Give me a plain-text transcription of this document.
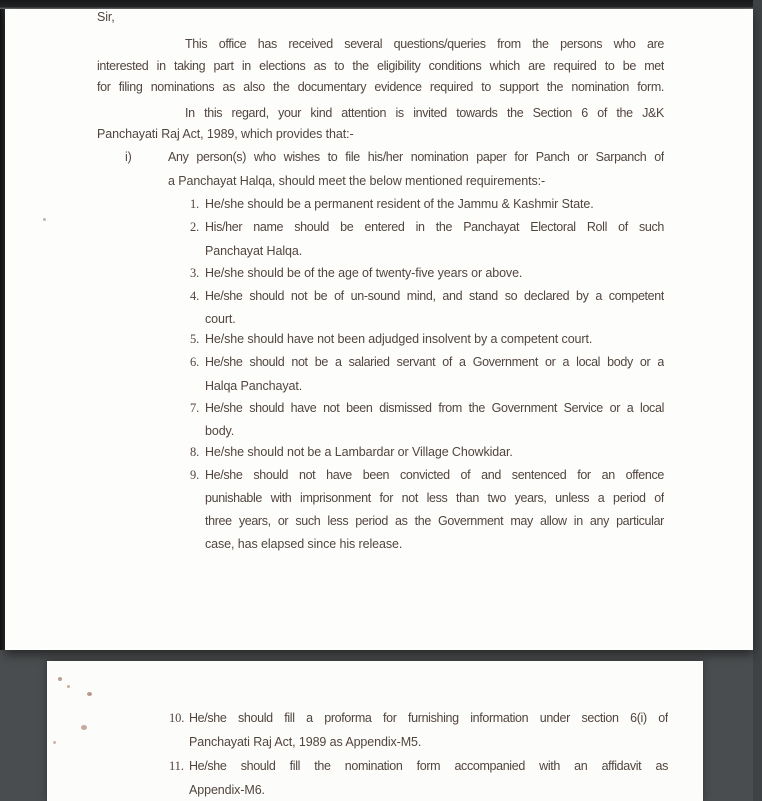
Sir,
This office has received several questions/queries from the persons who are
interested in taking part in elections as to the eligibility conditions which are required to be met
for filing nominations as also the documentary evidence required to support the nomination form.
In this regard, your kind attention is invited towards the Section 6 of the J&K
Panchayati Raj Act, 1989, which provides that:-
i)	Any person(s) who wishes to file his/her nomination paper for Panch or Sarpanch of
a Panchayat Halqa, should meet the below mentioned requirements:-
1. He/she should be a permanent resident of the Jammu & Kashmir State.
2. His/her name should be entered in the Panchayat Electoral Roll of such
Panchayat Halqa.
3. He/she should be of the age of twenty-five years or above.
4. He/she should not be of un-sound mind, and stand so declared by a competent
court.
5. He/she should have not been adjudged insolvent by a competent court.
6. He/she should not be a salaried servant of a Government or a local body or a
Halqa Panchayat.
7. He/she should have not been dismissed from the Government Service or a local
body.
8. He/she should not be a Lambardar or Village Chowkidar.
9. He/she should not have been convicted of and sentenced for an offence
punishable with imprisonment for not less than two years, unless a period of
three years, or such less period as the Government may allow in any particular
case, has elapsed since his release.
10. He/she should fill a proforma for furnishing information under section 6(i) of
Panchayati Raj Act, 1989 as Appendix-M5.
11. He/she should fill the nomination form accompanied with an affidavit as
Appendix-M6.
